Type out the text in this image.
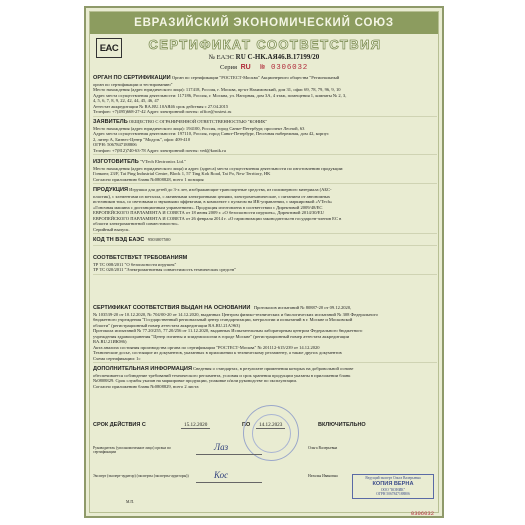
ЕВРАЗИЙСКИЙ ЭКОНОМИЧЕСКИЙ СОЮЗ
EAC	СЕРТИФИКАТ СООТВЕТСТВИЯ
№ ЕАЭС RU C-HK.АЯ46.В.17199/20
Серия RU № 0306032
ОРГАН ПО СЕРТИФИКАЦИИ Орган по сертификации "РОСТЕСТ-Москва" Акционерного общества "Региональный
орган по сертификации и тестированию"
Место нахождения (адрес юридического лица): 117418, Россия, г. Москва, пр-кт Нахимовский, дом 31, офис 69, 78, 79, 96, 9, 10
Адрес места осуществления деятельности: 117186, Россия, г. Москва, ул. Нагорная, дом 3А, 4 этаж, помещения 1, комнаты № 2, 3,
4, 5, 6, 7, 8, 9, 22, 42, 44, 45, 46, 47
Аттестат аккредитации № RA.RU.10АЯ46 срок действия с 27.04.2015
Телефон: +7(495)668-27-42 Адрес электронной почты: office@rostest.ru
ЗАЯВИТЕЛЬ ОБЩЕСТВО С ОГРАНИЧЕННОЙ ОТВЕТСТВЕННОСТЬЮ "КОНИК"
Место нахождения (адрес юридического лица): 194100, Россия, город Санкт-Петербург, проспект Лесной, 63
Адрес места осуществления деятельности: 197110, Россия, город Санкт-Петербург, Песочная набережная, дом 42, корпус
2, литер А, Бизнес-Центр "Модуль", офис 409-410
ОГРН: 5067847188806
Телефон: +7(812)740-63-78 Адрес электронной почты: ved@konik.ru
ИЗГОТОВИТЕЛЬ "VTech Electronics Ltd."
Место нахождения (адрес юридического лица) и адрес (адреса) места осуществления деятельности по изготовлению продукции:
Гонконг, 23/F, Tai Ping Industrial Centre, Block 1, 57 Ting Kok Road, Tai Po, New Territory, HK
Согласно приложению бланк №0808828, всего 1 позиция
ПРОДУКЦИЯ Игрушки для детей до 3-х лет, изображающие транспортные средства, из полимерного материала (АБС-
пластик), с элементами из металла, с активными электронными цепями, электромеханические, с питанием от автономных
источников тока, со световыми и звуковыми эффектами, в комплекте с пультом на ИК-управлении, с маркировкой «VTech»
«Гоночная машина с дистанционным управлением». Продукция изготовлена в соответствии с Директивой 2009/48/ЕС
ЕВРОПЕЙСКОГО ПАРЛАМЕНТА И СОВЕТА от 18 июня 2009 г. «О безопасности игрушек», Директивой 2014/30/ЕU
ЕВРОПЕЙСКОГО ПАРЛАМЕНТА И СОВЕТА от 26 февраля 2014 г. «О гармонизации законодательств государств-членов ЕС в
области электромагнитной совместимости».
Серийный выпуск.
КОД ТН ВЭД ЕАЭС 9503007500
СООТВЕТСТВУЕТ ТРЕБОВАНИЯМ
ТР ТС 008/2011 "О безопасности игрушек"
ТР ТС 020/2011 "Электромагнитная совместимость технических средств"
СЕРТИФИКАТ СООТВЕТСТВИЯ ВЫДАН НА ОСНОВАНИИ Протоколов испытаний № 80887-20 от 09.12.2020,
№ 103539-20 от 10.12.2020, № 704/00-20 от 14.12.2020, выданных Центром физико-технических и биологических испытаний № 308 Федерального
бюджетного учреждения "Государственный региональный центр стандартизации, метрологии и испытаний в г. Москве и Московской
области" (регистрационный номер аттестата аккредитации RA.RU.21АЭ63)
Протокола испытаний № 77.20/255, 77.20/256 от 11.12.2020, выданных Испытательным лабораторным центром Федерального бюджетного
учреждения здравоохранения "Центр гигиены и эпидемиологии в городе Москве" (регистрационный номер аттестата аккредитации
RA.RU.21ИЮ86)
Акта анализа состояния производства органа по сертификации "РОСТЕСТ-Москва" № 201112-615/239 от 14.12.2020
Технические досье, состоящие из документов, указанных в приложении к техническому регламенту, а также других документов
Схема сертификации: 1с
ДОПОЛНИТЕЛЬНАЯ ИНФОРМАЦИЯ Сведения о стандартах, в результате применения которых на добровольной основе
обеспечивается соблюдение требований технического регламента, условия и срок хранения продукции указаны в приложении бланк
№0808829. Срок службы указан на маркировке продукции, упаковке и/или руководстве по эксплуатации.
Согласно приложению бланк №0808829, всего 2 листа
СРОК ДЕЙСТВИЯ С	15.12.2020	ПО	14.12.2023	ВКЛЮЧИТЕЛЬНО
Руководитель (уполномоченное лицо) органа по сертификации
Лаз	Ольга Валерьевна
Эксперт (эксперт-аудитор) (эксперты (эксперты-аудиторы))	Кос	Наталья Ивановна
М.П.
Ведущий эксперт Ольга Валерьевна
КОПИЯ ВЕРНА
ООО "КОНИК"
ОГРН 5067847188806
0306032
